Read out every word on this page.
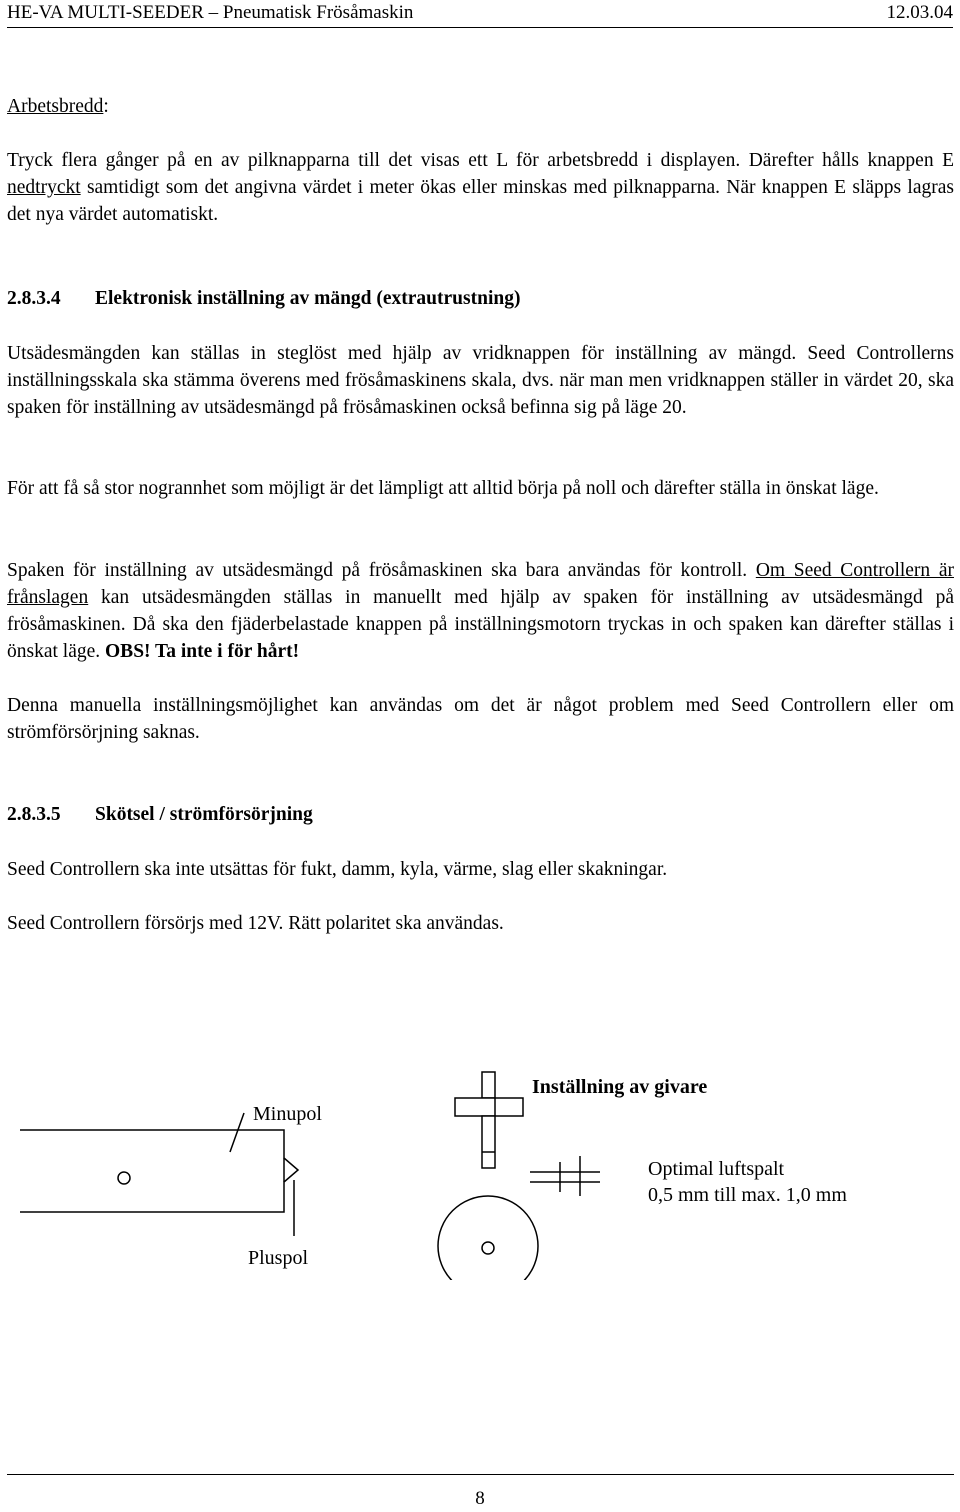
HE-VA MULTI-SEEDER – Pneumatisk Frösåmaskin	12.03.04

Arbetsbredd:

Tryck flera gånger på en av pilknapparna till det visas ett L för arbetsbredd i displayen. Därefter hålls knappen E nedtryckt samtidigt som det angivna värdet i meter ökas eller minskas med pilknapparna. När knappen E släpps lagras det nya värdet automatiskt.

2.8.3.4 Elektronisk inställning av mängd (extrautrustning)

Utsädesmängden kan ställas in steglöst med hjälp av vridknappen för inställning av mängd. Seed Controllerns inställningsskala ska stämma överens med frösåmaskinens skala, dvs. när man men vridknappen ställer in värdet 20, ska spaken för inställning av utsädesmängd på frösåmaskinen också befinna sig på läge 20.

För att få så stor nogrannhet som möjligt är det lämpligt att alltid börja på noll och därefter ställa in önskat läge.

Spaken för inställning av utsädesmängd på frösåmaskinen ska bara användas för kontroll. Om Seed Controllern är frånslagen kan utsädesmängden ställas in manuellt med hjälp av spaken för inställning av utsädesmängd på frösåmaskinen. Då ska den fjäderbelastade knappen på inställningsmotorn tryckas in och spaken kan därefter ställas i önskat läge. OBS! Ta inte i för hårt!

Denna manuella inställningsmöjlighet kan användas om det är något problem med Seed Controllern eller om strömförsörjning saknas.

2.8.3.5 Skötsel / strömförsörjning

Seed Controllern ska inte utsättas för fukt, damm, kyla, värme, slag eller skakningar.

Seed Controllern försörjs med 12V. Rätt polaritet ska användas.

Minupol
Pluspol
Inställning av givare
Optimal luftspalt
0,5 mm till max. 1,0 mm
8
